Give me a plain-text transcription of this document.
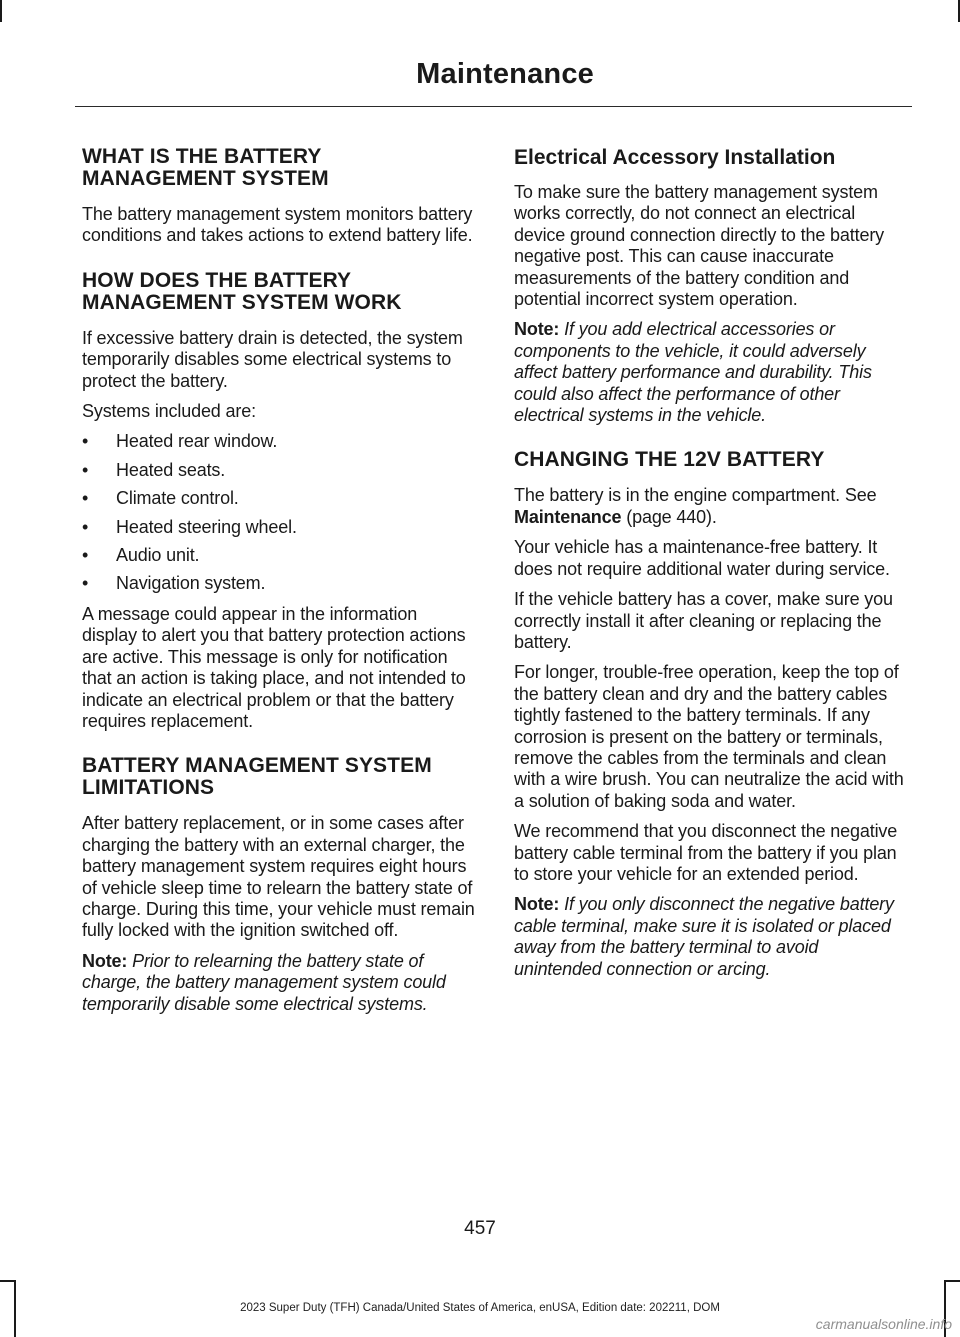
Maintenance
WHAT IS THE BATTERY
MANAGEMENT SYSTEM

The battery management system monitors battery conditions and takes actions to extend battery life.

HOW DOES THE BATTERY
MANAGEMENT SYSTEM WORK

If excessive battery drain is detected, the system temporarily disables some electrical systems to protect the battery.

Systems included are:

• Heated rear window.
• Heated seats.
• Climate control.
• Heated steering wheel.
• Audio unit.
• Navigation system.

A message could appear in the information display to alert you that battery protection actions are active. This message is only for notification that an action is taking place, and not intended to indicate an electrical problem or that the battery requires replacement.

BATTERY MANAGEMENT SYSTEM
LIMITATIONS

After battery replacement, or in some cases after charging the battery with an external charger, the battery management system requires eight hours of vehicle sleep time to relearn the battery state of charge. During this time, your vehicle must remain fully locked with the ignition switched off.

Note: Prior to relearning the battery state of charge, the battery management system could temporarily disable some electrical systems.

Electrical Accessory Installation

To make sure the battery management system works correctly, do not connect an electrical device ground connection directly to the battery negative post. This can cause inaccurate measurements of the battery condition and potential incorrect system operation.

Note: If you add electrical accessories or components to the vehicle, it could adversely affect battery performance and durability. This could also affect the performance of other electrical systems in the vehicle.

CHANGING THE 12V BATTERY

The battery is in the engine compartment. See Maintenance (page 440).

Your vehicle has a maintenance-free battery. It does not require additional water during service.

If the vehicle battery has a cover, make sure you correctly install it after cleaning or replacing the battery.

For longer, trouble-free operation, keep the top of the battery clean and dry and the battery cables tightly fastened to the battery terminals. If any corrosion is present on the battery or terminals, remove the cables from the terminals and clean with a wire brush. You can neutralize the acid with a solution of baking soda and water.

We recommend that you disconnect the negative battery cable terminal from the battery if you plan to store your vehicle for an extended period.

Note: If you only disconnect the negative battery cable terminal, make sure it is isolated or placed away from the battery terminal to avoid unintended connection or arcing.

457
2023 Super Duty (TFH) Canada/United States of America, enUSA, Edition date: 202211, DOM
carmanualsonline.info
